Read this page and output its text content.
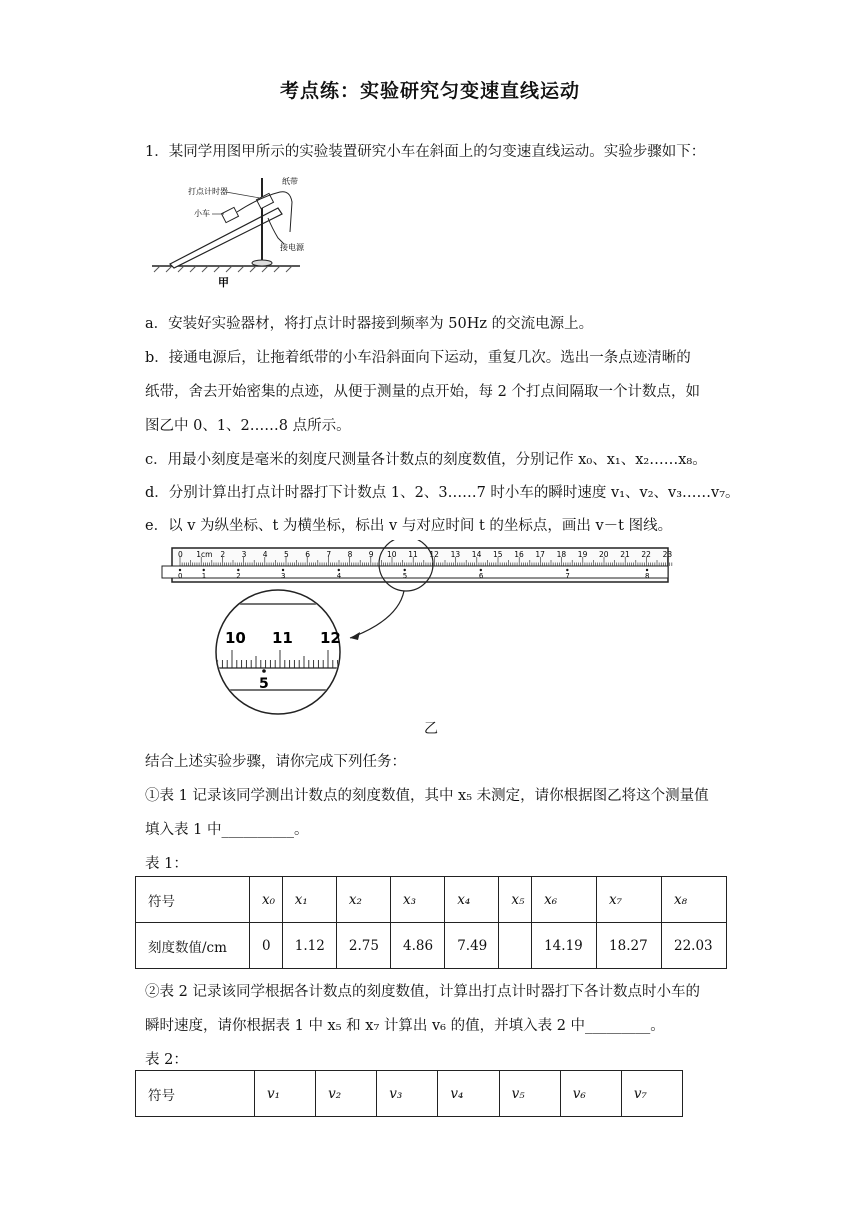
考点练：实验研究匀变速直线运动
1．某同学用图甲所示的实验装置研究小车在斜面上的匀变速直线运动。实验步骤如下：
打点计时器
纸带
小车
接电源
甲
a．安装好实验器材，将打点计时器接到频率为 50Hz 的交流电源上。
b．接通电源后，让拖着纸带的小车沿斜面向下运动，重复几次。选出一条点迹清晰的
纸带，舍去开始密集的点迹，从便于测量的点开始，每 2 个打点间隔取一个计数点，如
图乙中 0、1、2……8 点所示。
c．用最小刻度是毫米的刻度尺测量各计数点的刻度数值，分别记作 x₀、x₁、x₂……x₈。
d．分别计算出打点计时器打下计数点 1、2、3……7 时小车的瞬时速度 v₁、v₂、v₃……v₇。
e．以 v 为纵坐标、t 为横坐标，标出 v 与对应时间 t 的坐标点，画出 v－t 图线。
0 1cm 2 3 4 5 6 7 8 9 10 11 12 13 14 15 16 17 18 19 20 21 22 23
0	1	2	3	4	5	6	7	8
10 11 12
5
乙
结合上述实验步骤，请你完成下列任务：
①表 1 记录该同学测出计数点的刻度数值，其中 x₅ 未测定，请你根据图乙将这个测量值
填入表 1 中__________。
表 1：
符号	x₀	x₁	x₂	x₃	x₄	x₅	x₆	x₇	x₈
刻度数值/cm	0	1.12	2.75	4.86	7.49		14.19	18.27	22.03
②表 2 记录该同学根据各计数点的刻度数值，计算出打点计时器打下各计数点时小车的
瞬时速度，请你根据表 1 中 x₅ 和 x₇ 计算出 v₆ 的值，并填入表 2 中_________。
表 2：
符号	v₁	v₂	v₃	v₄	v₅	v₆	v₇
